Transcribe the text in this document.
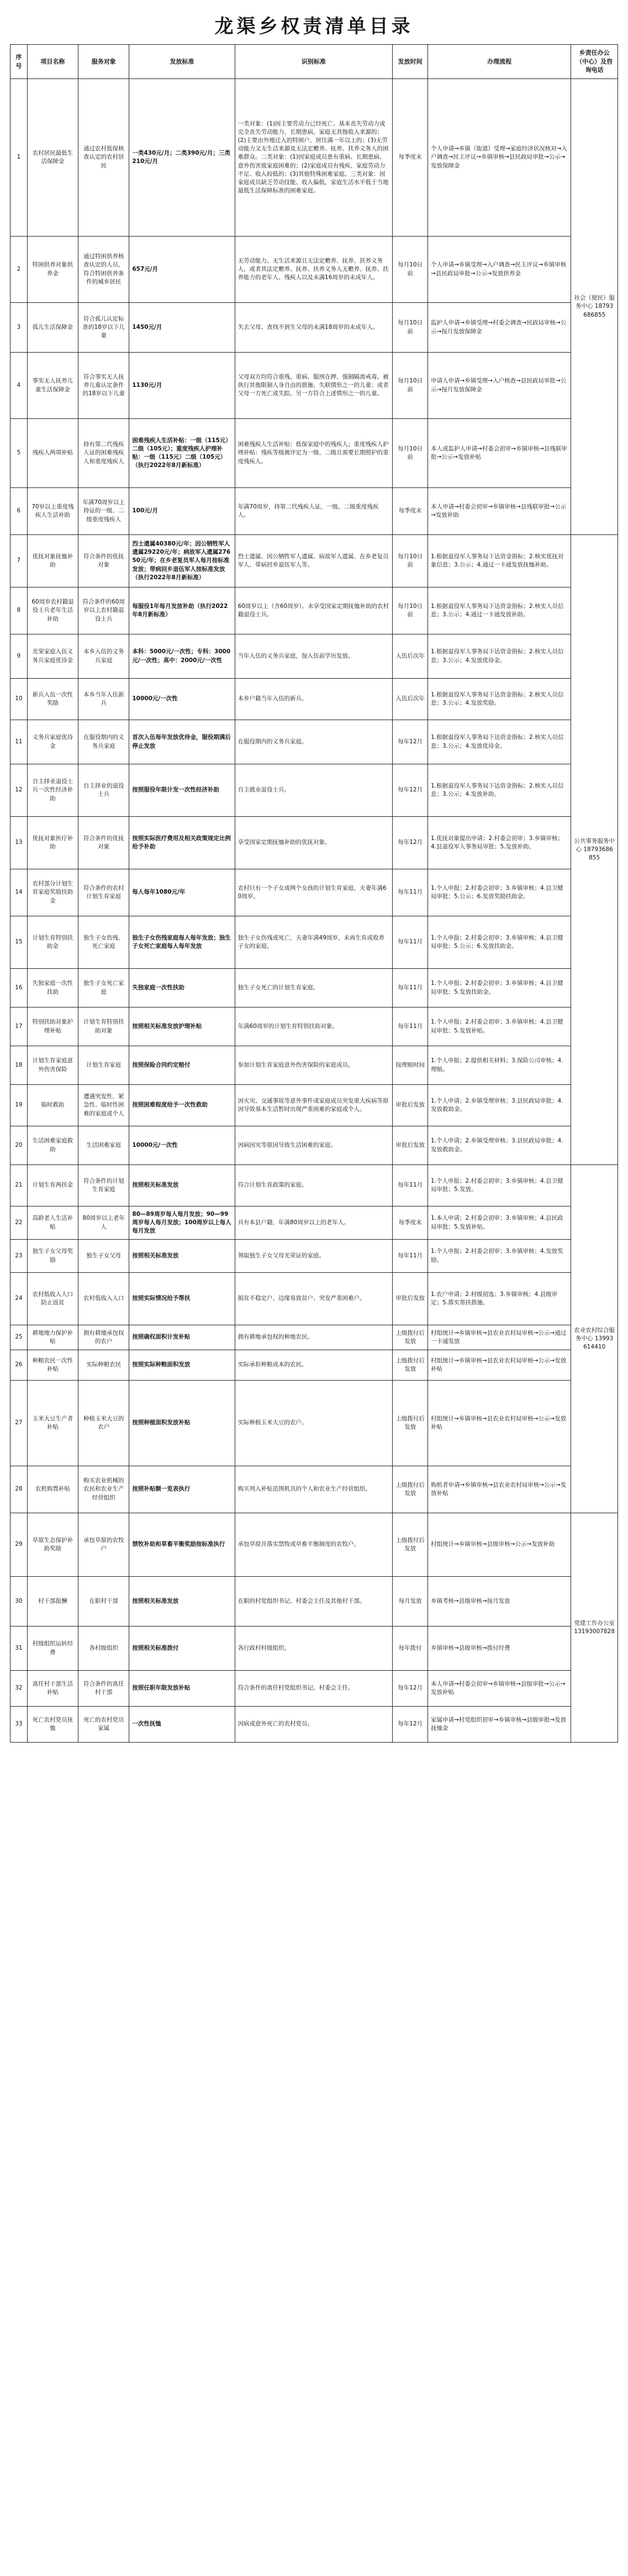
龙渠乡权责清单目录
序号	项目名称	服务对象	发放标准	识别标准	发放时间	办理流程	乡责任办公（中心）及咨询电话
1	农村居民最低生活保障金	通过农村低保核查认定的农村居民	一类430元/月；二类390元/月；三类210元/月	一类对象：(1)因主要劳动力已经死亡、基本丧失劳动力或完全丧失劳动能力，长期患病，家庭无其他收入来源的；(2)主要由外地迁入的特困户，居住满一年以上的；(3)无劳动能力又无生活来源及无法定赡养、抚养、扶养义务人的困难群众。二类对象：(1)因家庭成员患有重病、长期患病、意外伤害致家庭困难的；(2)家庭成员有残疾、家庭劳动力不足、收入较低的；(3)其他特殊困难家庭。三类对象：因家庭成员缺乏劳动技能、收入偏低，家庭生活水平低于当地最低生活保障标准的困难家庭。	每季度末	个人申请→乡镇（街道）受理→家庭经济状况核对→入户调查→民主评议→乡镇审核→县民政局审批→公示→发放保障金	社会（便民）服务中心 18793686855
2	特困供养对象供养金	通过特困供养核查认定的人员，符合特困供养条件的城乡居民	657元/月	无劳动能力、无生活来源且无法定赡养、抚养、扶养义务人，或者其法定赡养、抚养、扶养义务人无赡养、抚养、扶养能力的老年人、残疾人以及未满16周岁的未成年人。	每月10日前	个人申请→乡镇受理→入户调查→民主评议→乡镇审核→县民政局审批→公示→发放供养金	
3	孤儿生活保障金	符合孤儿认定标准的18岁以下儿童	1450元/月	失去父母、查找不到生父母的未满18周岁的未成年人。	每月10日前	监护人申请→乡镇受理→村委会调查→民政局审核→公示→按月发放保障金	
4	事实无人抚养儿童生活保障金	符合事实无人抚养儿童认定条件的18岁以下儿童	1130元/月	父母双方均符合重残、重病、服刑在押、强制隔离戒毒、被执行其他限制人身自由的措施、失联情形之一的儿童；或者父母一方死亡或失踪，另一方符合上述情形之一的儿童。	每月10日前	申请人申请→乡镇受理→入户核查→县民政局审批→公示→按月发放保障金	
5	残疾人两项补贴	持有第二代残疾人证的困难残疾人和重度残疾人	困难残疾人生活补贴：一级（115元）二级（105元）；重度残疾人护理补贴：一级（115元）二级（105元）（执行2022年8月新标准）	困难残疾人生活补贴：低保家庭中的残疾人；重度残疾人护理补贴：残疾等级被评定为一级、二级且需要长期照护的重度残疾人。	每月10日前	本人或监护人申请→村委会初审→乡镇审核→县残联审批→公示→发放补贴	
6	70岁以上重度残疾人生活补助	年满70周岁以上持证的一级、二级重度残疾人	100元/月	年满70周岁，持第二代残疾人证，一级、二级重度残疾人。	每季度末	本人申请→村委会初审→乡镇审核→县残联审批→公示→发放补助	
7	优抚对象抚恤补助	符合条件的优抚对象	烈士遗属40380元/年；因公牺牲军人遗属29220元/年；病故军人遗属27650元/年；在乡老复员军人每月按标准发放；带病回乡退伍军人按标准发放（执行2022年8月新标准）	烈士遗属、因公牺牲军人遗属、病故军人遗属、在乡老复员军人、带病回乡退伍军人等。	每月10日前	1.根据退役军人事务局下达资金指标；2.核实优抚对象信息；3.公示；4.通过一卡通发放抚恤补助。	公共事务服务中心 18793686855
8	60周岁农村籍退役士兵老年生活补助	符合条件的60周岁以上农村籍退役士兵	每服役1年每月发放补助（执行2022年8月新标准）	60周岁以上（含60周岁）、未享受国家定期抚恤补助的农村籍退役士兵。	每月10日前	1.根据退役军人事务局下达资金指标；2.核实人员信息；3.公示；4.通过一卡通发放补助。	
9	光荣家庭入伍义务兵家庭优待金	本乡入伍的义务兵家庭	本科：5000元/一次性；专科：3000元/一次性；高中：2000元/一次性	当年入伍的义务兵家庭，按入伍前学历发放。	入伍后次年	1.根据退役军人事务局下达资金指标；2.核实人员信息；3.公示；4.发放优待金。	
10	新兵入伍一次性奖励	本乡当年入伍新兵	10000元/一次性	本乡户籍当年入伍的新兵。	入伍后次年	1.根据退役军人事务局下达资金指标；2.核实人员信息；3.公示；4.发放奖励。	
11	义务兵家庭优待金	在服役期内的义务兵家庭	首次入伍每年发放优待金，服役期满后停止发放	在服役期内的义务兵家庭。	每年12月	1.根据退役军人事务局下达资金指标；2.核实人员信息；3.公示；4.发放优待金。	
12	自主择业退役士兵一次性经济补助	自主择业的退役士兵	按照服役年限计发一次性经济补助	自主就业退役士兵。	每年12月	1.根据退役军人事务局下达资金指标；2.核实人员信息；3.公示；4.发放补助。	
13	优抚对象医疗补助	符合条件的优抚对象	按照实际医疗费用及相关政策规定比例给予补助	享受国家定期抚恤补助的优抚对象。	每年12月	1.优抚对象提出申请；2.村委会初审；3.乡镇审核；4.县退役军人事务局审批；5.发放补助。	
14	农村部分计划生育家庭奖励扶助金	符合条件的农村计划生育家庭	每人每年1080元/年	农村只有一个子女或两个女孩的计划生育家庭，夫妻年满60周岁。	每年11月	1.个人申报；2.村委会初审；3.乡镇审核；4.县卫健局审批；5.公示；6.发放奖励扶助金。	
15	计划生育特别扶助金	独生子女伤残、死亡家庭	独生子女伤残家庭每人每年发放；独生子女死亡家庭每人每年发放	独生子女伤残或死亡，夫妻年满49周岁，未再生育或收养子女的家庭。	每年11月	1.个人申报；2.村委会初审；3.乡镇审核；4.县卫健局审批；5.公示；6.发放扶助金。	
16	失独家庭一次性扶助	独生子女死亡家庭	失独家庭一次性扶助	独生子女死亡的计划生育家庭。	每年11月	1.个人申报；2.村委会初审；3.乡镇审核；4.县卫健局审批；5.发放扶助金。	
17	特别扶助对象护理补贴	计划生育特别扶助对象	按照相关标准发放护理补贴	年满60周岁的计划生育特别扶助对象。	每年11月	1.个人申报；2.村委会初审；3.乡镇审核；4.县卫健局审批；5.发放补贴。	
18	计划生育家庭意外伤害保险	计划生育家庭	按照保险合同约定赔付	参加计划生育家庭意外伤害保险的家庭成员。	按理赔时间	1.个人申报；2.提供相关材料；3.保险公司审核；4.理赔。	
19	临时救助	遭遇突发性、紧急性、临时性困难的家庭或个人	按照困难程度给予一次性救助	因火灾、交通事故等意外事件或家庭成员突发重大疾病等原因导致基本生活暂时出现严重困难的家庭或个人。	审批后发放	1.个人申请；2.乡镇受理审核；3.县民政局审批；4.发放救助金。	
20	生活困难家庭救助	生活困难家庭	10000元/一次性	因病因灾等原因导致生活困难的家庭。	审批后发放	1.个人申请；2.乡镇受理审核；3.县民政局审批；4.发放救助金。	
21	计划生育两扶金	符合条件的计划生育家庭	按照相关标准发放	符合计划生育政策的家庭。	每年11月	1.个人申报；2.村委会初审；3.乡镇审核；4.县卫健局审批；5.发放。	农业农村综合服务中心 13993614410
22	高龄老人生活补贴	80周岁以上老年人	80—89周岁每人每月发放；90—99周岁每人每月发放；100周岁以上每人每月发放	具有本县户籍，年满80周岁以上的老年人。	每季度末	1.本人申请；2.村委会初审；3.乡镇审核；4.县民政局审批；5.发放补贴。	
23	独生子女父母奖励	独生子女父母	按照相关标准发放	领取独生子女父母光荣证的家庭。	每年11月	1.个人申报；2.村委会初审；3.乡镇审核；4.发放奖励。	
24	农村低收入人口防止返贫	农村低收入人口	按照实际情况给予帮扶	脱贫不稳定户、边缘易致贫户、突发严重困难户。	审批后发放	1.农户申请；2.村级初选；3.乡镇审核；4.县级审定；5.落实帮扶措施。	
25	耕地地力保护补贴	拥有耕地承包权的农户	按照确权面积计发补贴	拥有耕地承包权的种地农民。	上级拨付后发放	村组统计→乡镇审核→县农业农村局审核→公示→通过一卡通发放	
26	种粮农民一次性补贴	实际种粮农民	按照实际种粮面积发放	实际承担种粮成本的农民。	上级拨付后发放	村组统计→乡镇审核→县农业农村局审核→公示→发放补贴	
27	玉米大豆生产者补贴	种植玉米大豆的农户	按照种植面积发放补贴	实际种植玉米大豆的农户。	上级拨付后发放	村组统计→乡镇审核→县农业农村局审核→公示→发放补贴	
28	农机购置补贴	购买农业机械的农民和农业生产经营组织	按照补贴额一览表执行	购买列入补贴范围机具的个人和农业生产经营组织。	上级拨付后发放	购机者申请→乡镇审核→县农业农村局审核→公示→发放补贴	
29	草原生态保护补助奖励	承包草原的农牧户	禁牧补助和草畜平衡奖励按标准执行	承包草原并落实禁牧或草畜平衡制度的农牧户。	上级拨付后发放	村组统计→乡镇审核→县级审核→公示→发放补助	党建工作办公室 13193007828
30	村干部报酬	在职村干部	按照相关标准发放	在职的村党组织书记、村委会主任及其他村干部。	每月发放	乡镇考核→县级审核→按月发放	
31	村级组织运转经费	各村级组织	按照相关标准拨付	各行政村村级组织。	每年拨付	乡镇审核→县级审核→拨付经费	
32	离任村干部生活补贴	符合条件的离任村干部	按照任职年限发放补贴	符合条件的离任村党组织书记、村委会主任。	每年12月	本人申请→村委会初审→乡镇审核→县级审批→公示→发放补贴	
33	死亡农村党员抚恤	死亡的农村党员家属	一次性抚恤	因病或意外死亡的农村党员。	每年12月	家属申请→村党组织初审→乡镇审核→县级审批→发放抚恤金	
